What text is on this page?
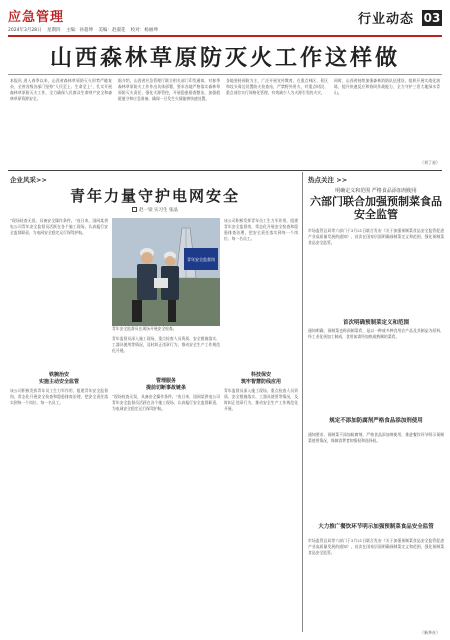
应急管理
2024年3月28日 星期四 主编：孙超坤 美编：赵淑花 校对：杨丽坤
行业动态 03
山西森林草原防灭火工作这样做
本报讯 进入春季以来，山西省森林草原防灭火形势严峻复杂，全省各级各部门坚持“人民至上、生命至上”，扎实开展森林草原防灭火工作，全力确保人民群众生命财产安全和森林草原资源安全。
据介绍，山西省应急管理厅联合相关部门印发通知，对春季森林草原防火工作作出具体部署，要求各地严格落实森林草原防灭火责任，强化火源管控，开展隐患排查整治，加强值班值守和应急准备，确保一旦发生火情能够快速处置。
各地坚持预防为主，广泛开展宣传教育，在重点林区、景区和坟头周边设置防火检查站，严禁野外用火，对重点时段、重点部位实行网格化管理，有效减少人为火源引发的火灾。
同时，山西省持续加强森林消防队伍建设，组织开展实战化演练，提升快速反应和协同作战能力，全力守护三晋大地绿水青山。
（刘丁星）
企业风采>>
青年力量守护电网安全
赵一梁 实习生 张晶
“现场检查无误，具备安全操作条件。”连日来，国网某供电公司青年安全监督员活跃在各个施工现场，认真履行安全监督职责，为电网安全稳定运行保驾护航。
铁腕治安
实施主动安全监管
该公司积极发挥青年员工生力军作用，组建青年安全监督岗，常态化开展安全检查和隐患排查治理，把安全责任落实到每一个岗位、每一名员工。
青年安全监督岗
青年安全监督员在现场开展安全检查。
青年监督员深入施工现场，重点检查人员资质、安全措施落实、工器具使用等情况，及时纠正违章行为，推动安全生产工作规范化开展。
管理服务
提前切断事故链条
“现场检查无误，具备安全操作条件。”连日来，国网某供电公司青年安全监督员活跃在各个施工现场，认真履行安全监督职责，为电网安全稳定运行保驾护航。
该公司积极发挥青年员工生力军作用，组建青年安全监督岗，常态化开展安全检查和隐患排查治理，把安全责任落实到每一个岗位、每一名员工。
科技保安
筑牢智慧防线应用
青年监督员深入施工现场，重点检查人员资质、安全措施落实、工器具使用等情况，及时纠正违章行为，推动安全生产工作规范化开展。
热点关注 >>
明确定义和范围 严格食品添加剂使用
六部门联合加强预制菜食品安全监管
市场监管总局等六部门于3月21日联合发布《关于加强预制菜食品安全监管促进产业高质量发展的通知》，首次在国家层面明确预制菜定义和范围，强化预制菜食品安全监管。
首次明确预制菜定义和范围
通知明确，预制菜也称预制菜肴，是以一种或多种食用农产品及其制品为原料，经工业化预加工制成，食用前需经加热或熟制的菜肴。
规定不添加防腐剂严格食品添加剂使用
通知要求，预制菜不添加防腐剂，严格食品添加剂使用，推进餐饮环节明示预制菜使用情况，保障消费者知情权和选择权。
大力推广餐饮环节明示加强预制菜食品安全监管
市场监管总局等六部门于3月21日联合发布《关于加强预制菜食品安全监管促进产业高质量发展的通知》，首次在国家层面明确预制菜定义和范围，强化预制菜食品安全监管。
（新华社）
